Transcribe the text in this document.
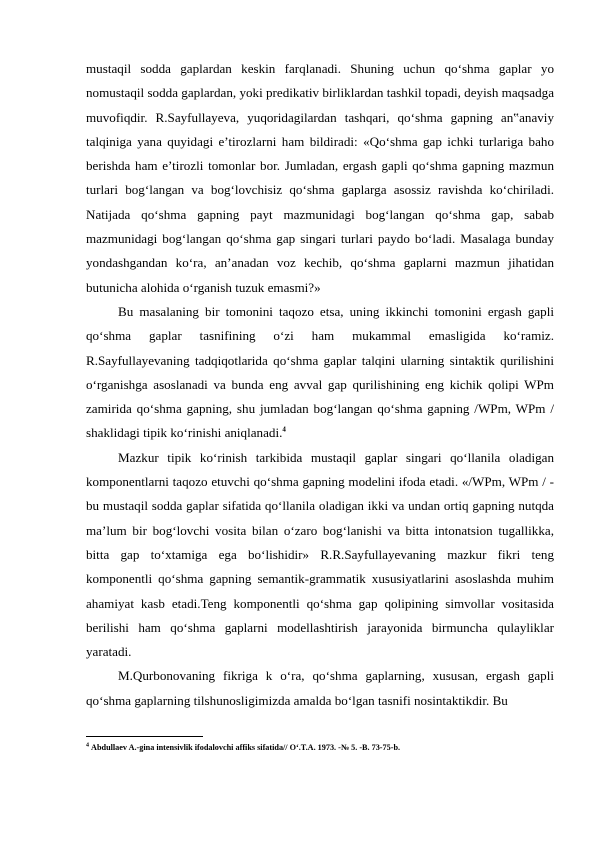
mustaqil sodda gaplardan keskin farqlanadi. Shuning uchun qo‘shma gaplar yo nomustaqil sodda gaplardan, yoki predikativ birliklardan tashkil topadi, deyish maqsadga muvofiqdir. R.Sayfullayeva, yuqoridagilardan tashqari, qo‘shma gapning an‟anaviy talqiniga yana quyidagi e’tirozlarni ham bildiradi: «Qo‘shma gap ichki turlariga baho berishda ham e’tirozli tomonlar bor. Jumladan, ergash gapli qo‘shma gapning mazmun turlari bog‘langan va bog‘lovchisiz qo‘shma gaplarga asossiz ravishda ko‘chiriladi. Natijada qo‘shma gapning payt mazmunidagi bog‘langan qo‘shma gap, sabab mazmunidagi bog‘langan qo‘shma gap singari turlari paydo bo‘ladi. Masalaga bunday yondashgandan ko‘ra, an’anadan voz kechib, qo‘shma gaplarni mazmun jihatidan butunicha alohida o‘rganish tuzuk emasmi?»

Bu masalaning bir tomonini taqozo etsa, uning ikkinchi tomonini ergash gapli qo‘shma gaplar tasnifining o‘zi ham mukammal emasligida ko‘ramiz. R.Sayfullayevaning tadqiqotlarida qo‘shma gaplar talqini ularning sintaktik qurilishini o‘rganishga asoslanadi va bunda eng avval gap qurilishining eng kichik qolipi WPm zamirida qo‘shma gapning, shu jumladan bog‘langan qo‘shma gapning /WPm, WPm / shaklidagi tipik ko‘rinishi aniqlanadi.$^4$

Mazkur tipik ko‘rinish tarkibida mustaqil gaplar singari qo‘llanila oladigan komponentlarni taqozo etuvchi qo‘shma gapning modelini ifoda etadi. «/WPm, WPm / - bu mustaqil sodda gaplar sifatida qo‘llanila oladigan ikki va undan ortiq gapning nutqda ma’lum bir bog‘lovchi vosita bilan o‘zaro bog‘lanishi va bitta intonatsion tugallikka, bitta gap to‘xtamiga ega bo‘lishidir» R.R.Sayfullayevaning mazkur fikri teng komponentli qo‘shma gapning semantik-grammatik xususiyatlarini asoslashda muhim ahamiyat kasb etadi.Teng komponentli qo‘shma gap qolipining simvollar vositasida berilishi ham qo‘shma gaplarni modellashtirish jarayonida birmuncha qulayliklar yaratadi.

M.Qurbonovaning fikriga k o‘ra, qo‘shma gaplarning, xususan, ergash gapli qo‘shma gaplarning tilshunosligimizda amalda bo‘lgan tasnifi nosintaktikdir. Bu

$^4$ Abdullaev A.-gina intensivlik ifodalovchi affiks sifatida// O‘.T.A. 1973. -№ 5. -B. 73-75-b.
